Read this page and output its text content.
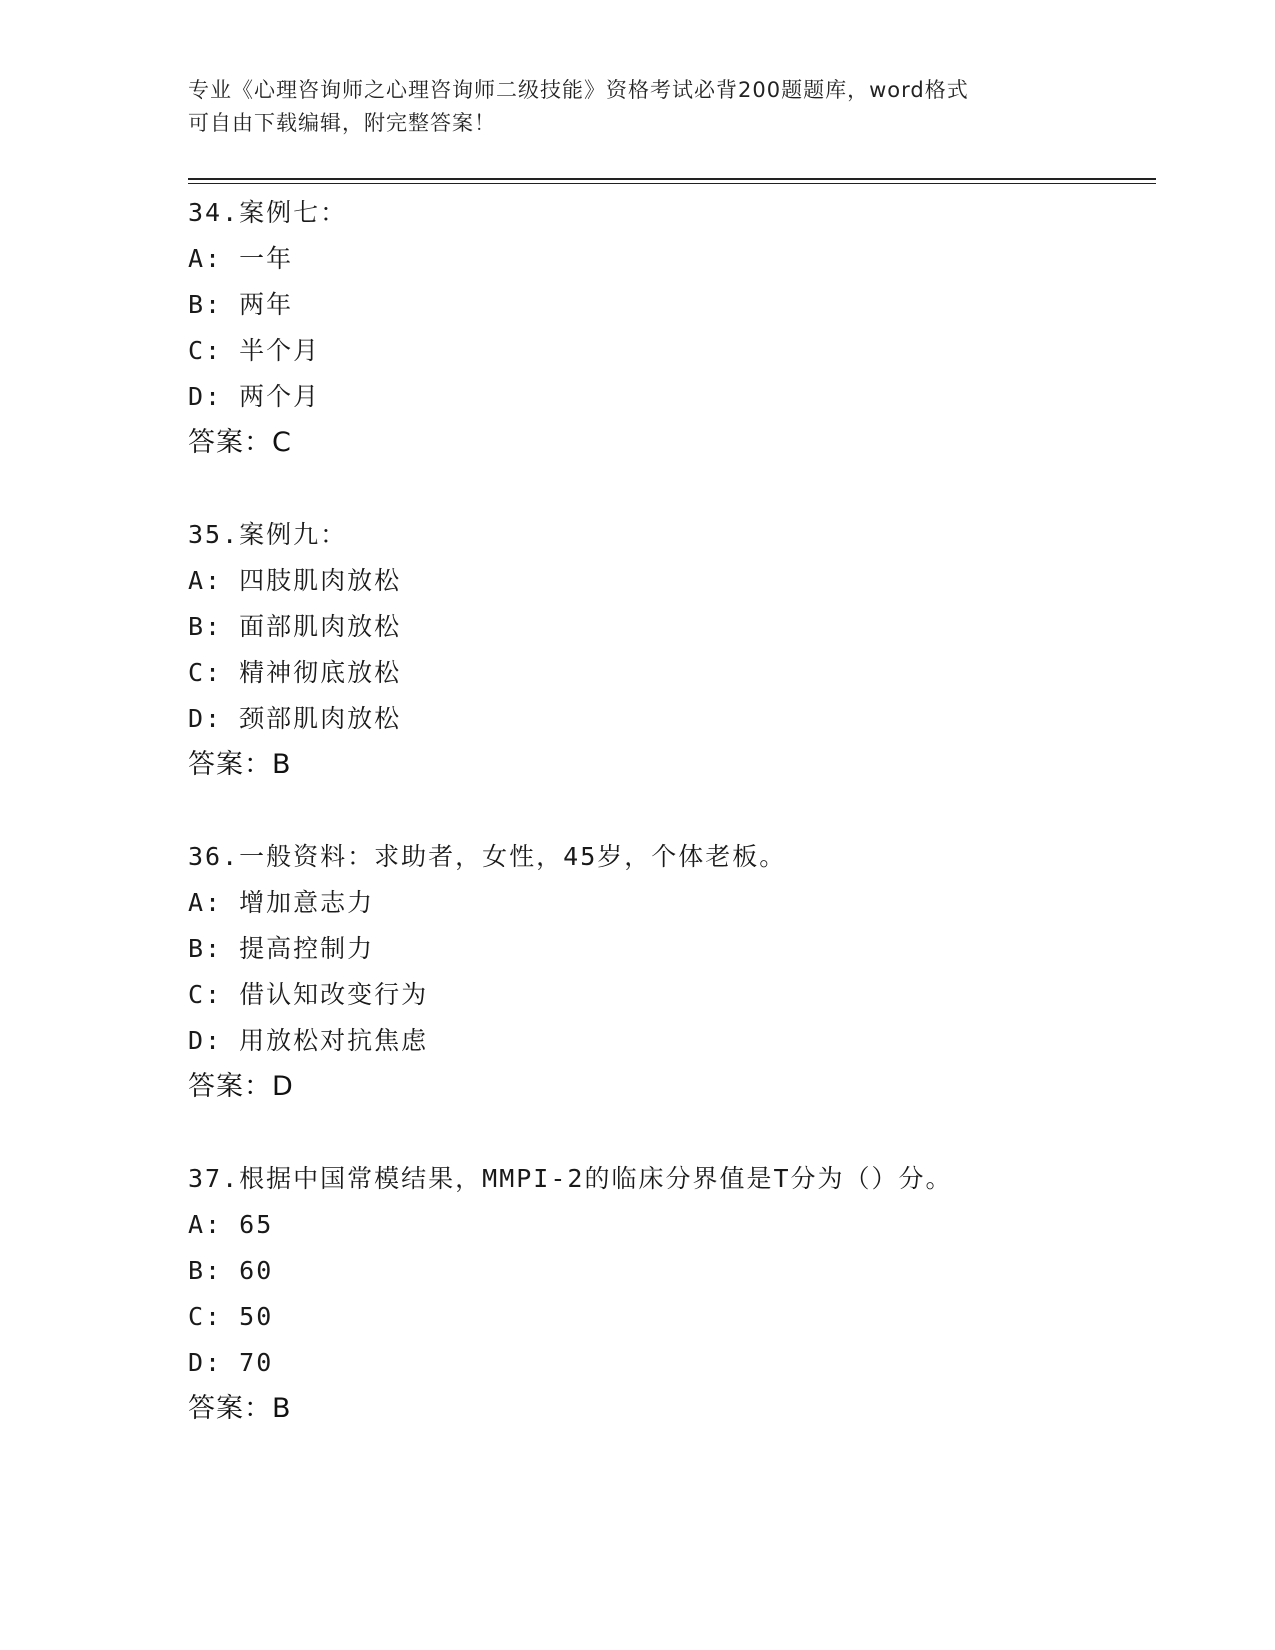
专业《心理咨询师之心理咨询师二级技能》资格考试必背200题题库，word格式
可自由下载编辑，附完整答案！
34.案例七：
A: 一年
B: 两年
C: 半个月
D: 两个月
答案：C
35.案例九：
A: 四肢肌肉放松
B: 面部肌肉放松
C: 精神彻底放松
D: 颈部肌肉放松
答案：B
36.一般资料：求助者，女性，45岁，个体老板。
A: 增加意志力
B: 提高控制力
C: 借认知改变行为
D: 用放松对抗焦虑
答案：D
37.根据中国常模结果，MMPI-2的临床分界值是T分为（）分。
A: 65
B: 60
C: 50
D: 70
答案：B
